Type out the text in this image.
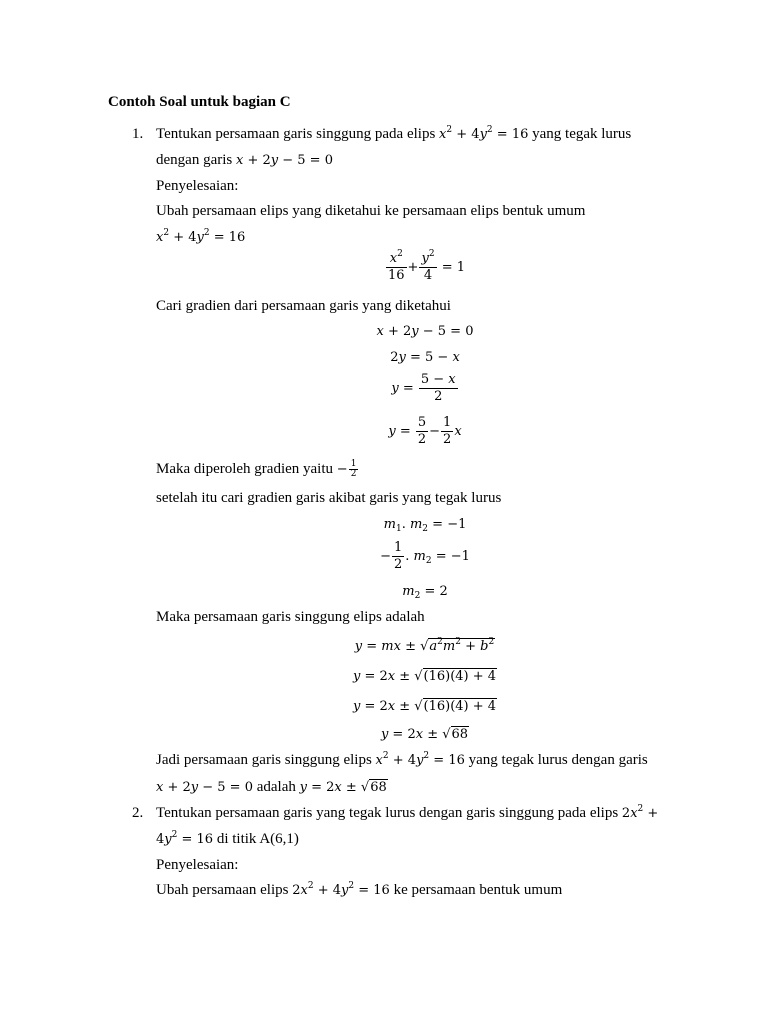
Contoh Soal untuk bagian C
1. Tentukan persamaan garis singgung pada elips $x^2 + 4y^2 = 16$ yang tegak lurus
dengan garis x + 2y − 5 = 0
Penyelesaian:
Ubah persamaan elips yang diketahui ke persamaan elips bentuk umum
$x^2 + 4y^2 = 16$
$\frac{x^2}{16} + \frac{y^2}{4} = 1$
Cari gradien dari persamaan garis yang diketahui
x + 2y − 5 = 0
2y = 5 − x
$y = \frac{5 - x}{2}$
$y = \frac{5}{2} - \frac{1}{2}$ x
Maka diperoleh gradien yaitu − $\frac{1}{2}$
setelah itu cari gradien garis akibat garis yang tegak lurus
$m_1$. $m_2 = -1$
− $\frac{1}{2}$ . $m_2 = -1$
$m_2 = 2$
Maka persamaan garis singgung elips adalah
y = mx ± $√a^2m^2 + b^2$
y = 2x ± √(16)(4) + 4
y = 2x ± √(16)(4) + 4
y = 2x ± √68
Jadi persamaan garis singgung elips $x^2 + 4y^2 = 16$ yang tegak lurus dengan garis
x + 2y − 5 = 0 adalah y = 2x ± √68
2. Tentukan persamaan garis yang tegak lurus dengan garis singgung pada elips $2x^2$ +
$4y^2 = 16$ di titik A(6,1)
Penyelesaian:
Ubah persamaan elips $2x^2 + 4y^2 = 16$ ke persamaan bentuk umum
